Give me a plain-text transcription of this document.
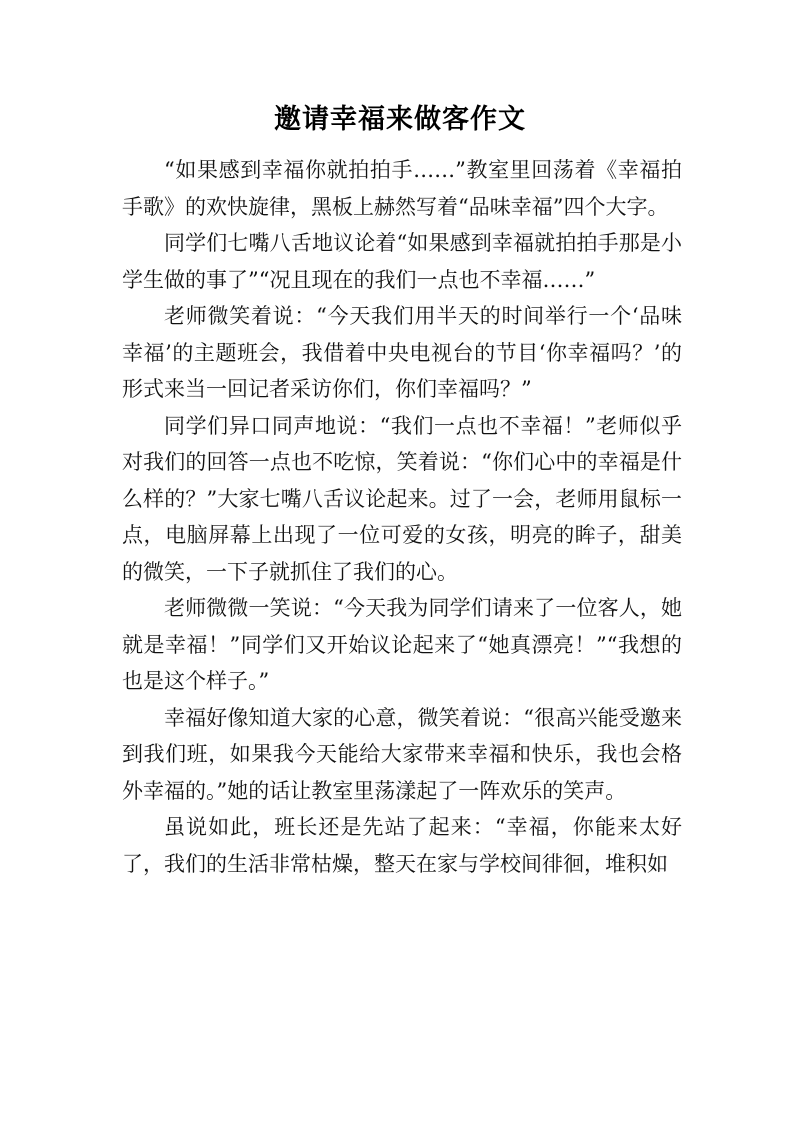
邀请幸福来做客作文

“如果感到幸福你就拍拍手……”教室里回荡着《幸福拍手歌》的欢快旋律，黑板上赫然写着“品味幸福”四个大字。

同学们七嘴八舌地议论着“如果感到幸福就拍拍手那是小学生做的事了”“况且现在的我们一点也不幸福……”

老师微笑着说：“今天我们用半天的时间举行一个‘品味幸福’的主题班会，我借着中央电视台的节目‘你幸福吗？’的形式来当一回记者采访你们，你们幸福吗？”

同学们异口同声地说：“我们一点也不幸福！”老师似乎对我们的回答一点也不吃惊，笑着说：“你们心中的幸福是什么样的？”大家七嘴八舌议论起来。过了一会，老师用鼠标一点，电脑屏幕上出现了一位可爱的女孩，明亮的眸子，甜美的微笑，一下子就抓住了我们的心。

老师微微一笑说：“今天我为同学们请来了一位客人，她就是幸福！”同学们又开始议论起来了“她真漂亮！”“我想的也是这个样子。”

幸福好像知道大家的心意，微笑着说：“很高兴能受邀来到我们班，如果我今天能给大家带来幸福和快乐，我也会格外幸福的。”她的话让教室里荡漾起了一阵欢乐的笑声。

虽说如此，班长还是先站了起来：“幸福，你能来太好了，我们的生活非常枯燥，整天在家与学校间徘徊，堆积如
